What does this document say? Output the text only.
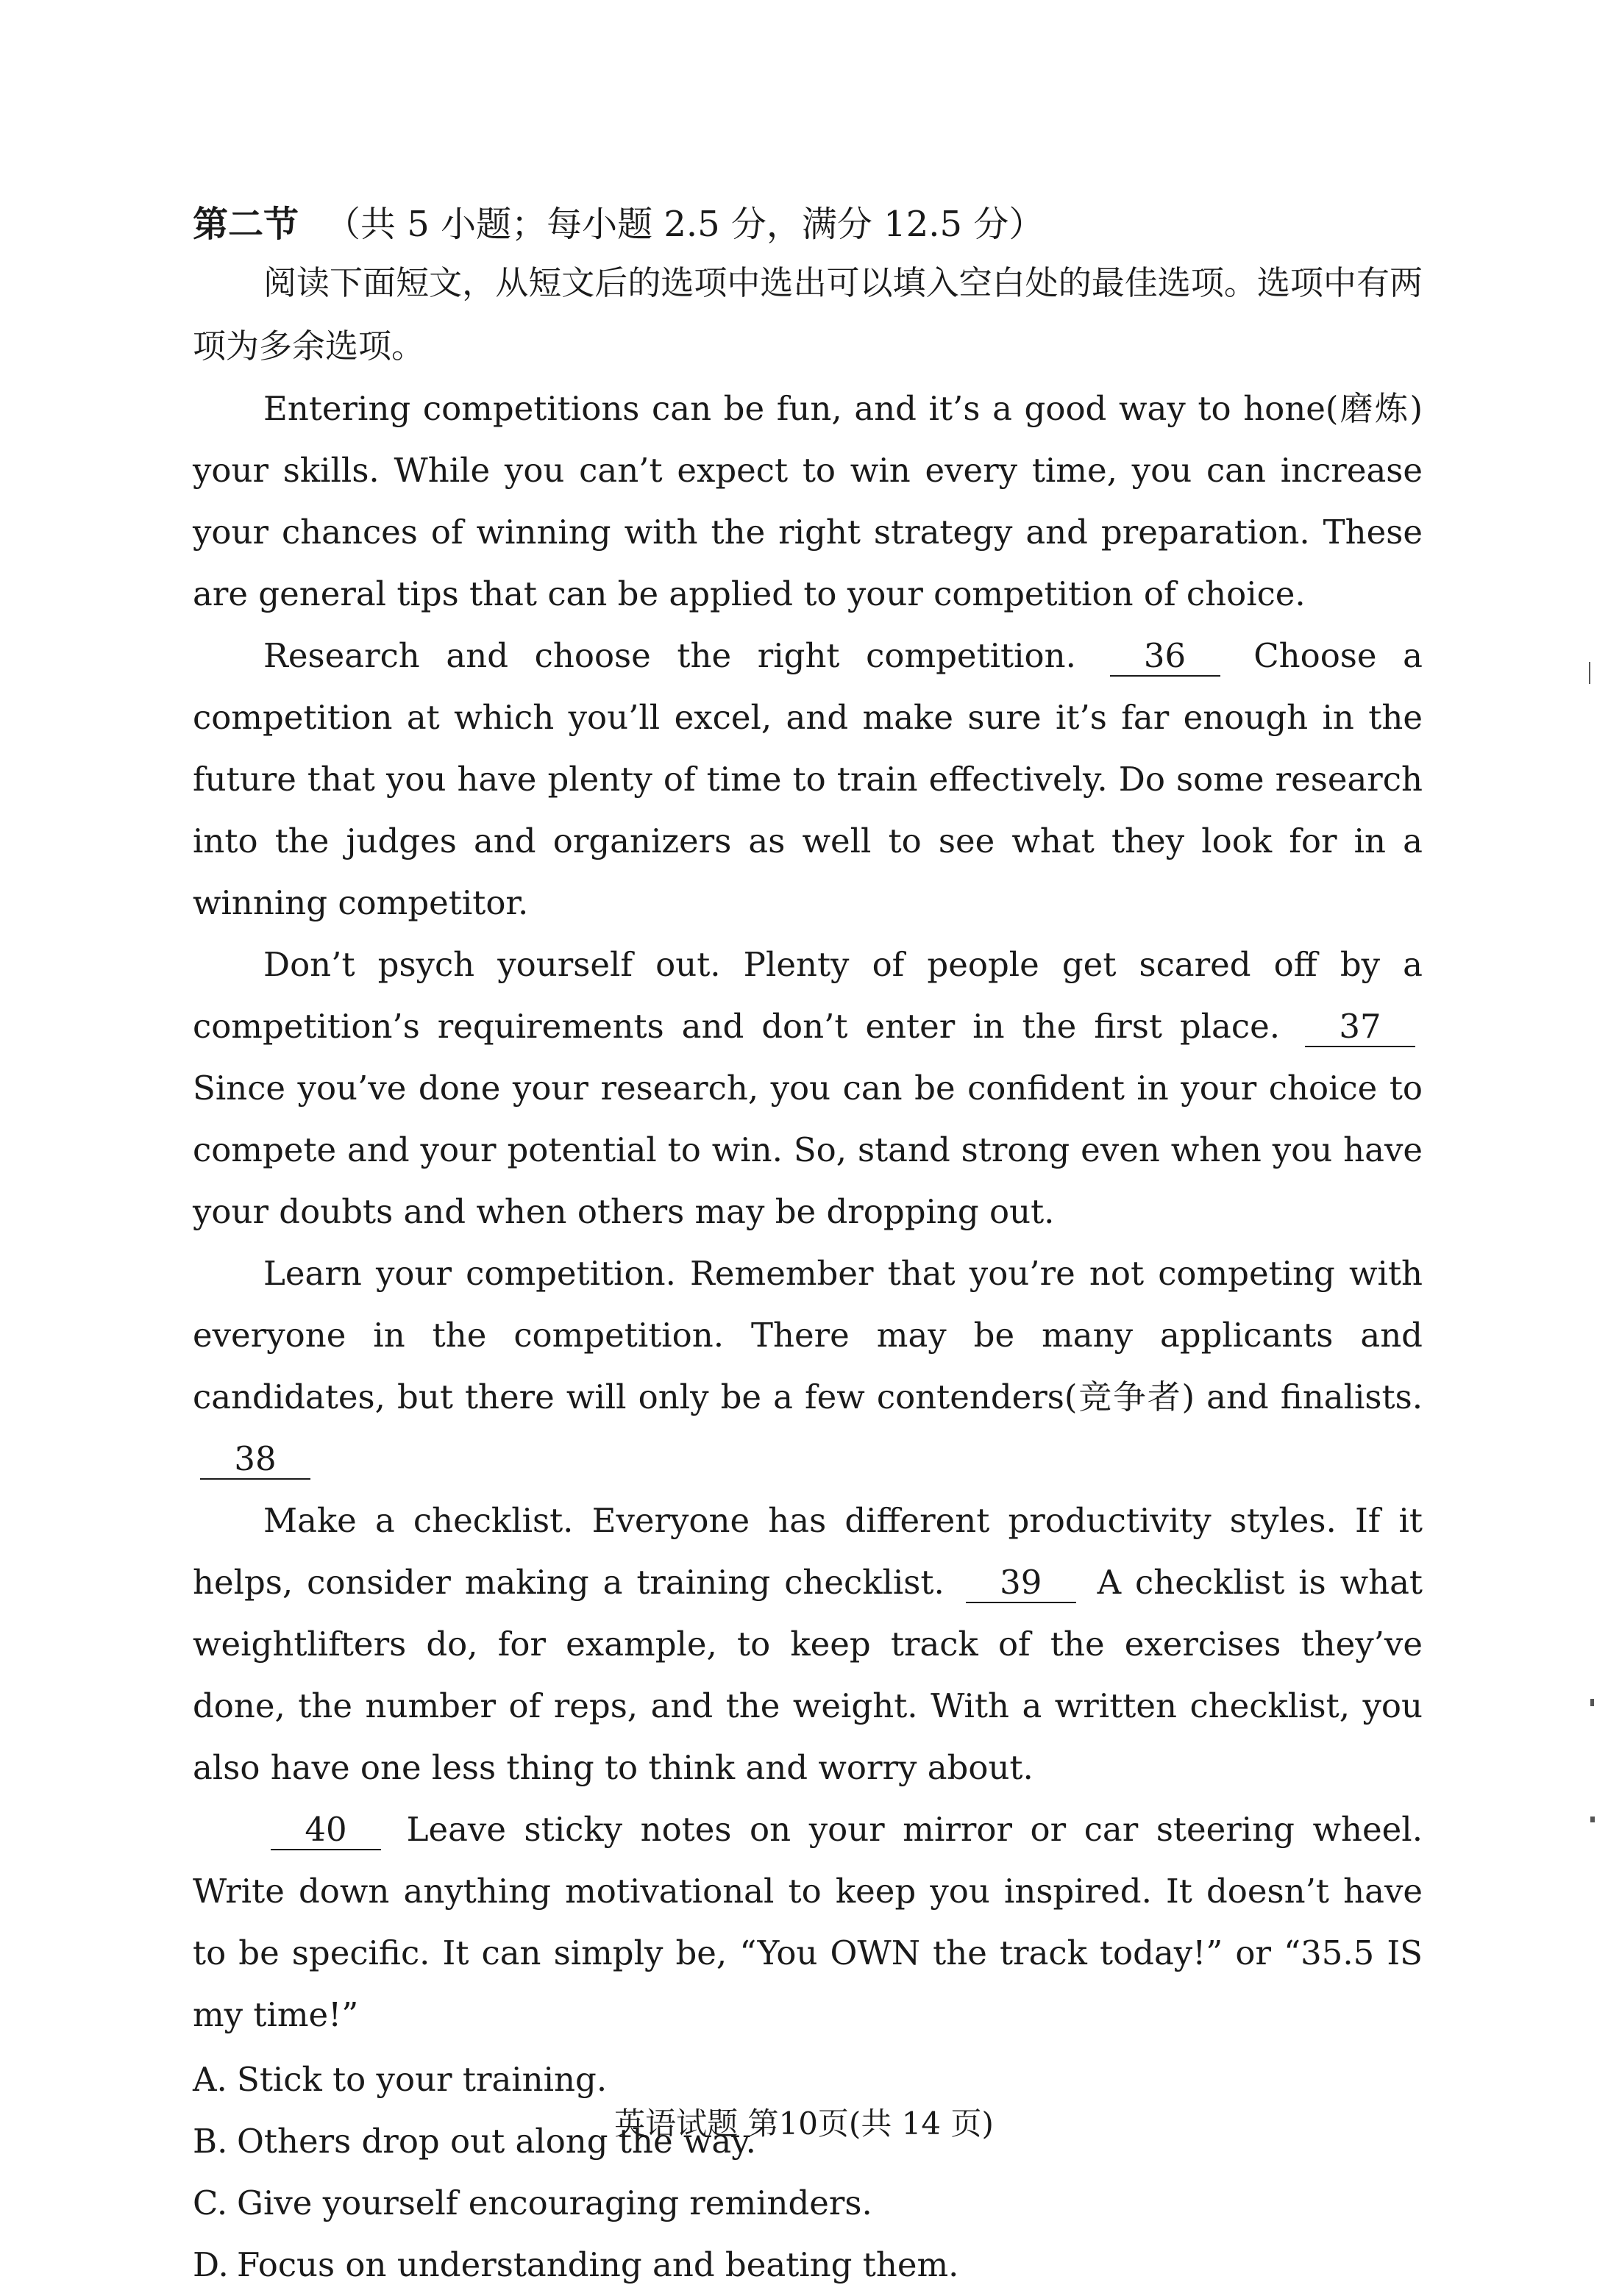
第二节 （共 5 小题；每小题 2.5 分，满分 12.5 分）

阅读下面短文，从短文后的选项中选出可以填入空白处的最佳选项。选项中有两项为多余选项。

Entering competitions can be fun, and it’s a good way to hone(磨炼) your skills. While you can’t expect to win every time, you can increase your chances of winning with the right strategy and preparation. These are general tips that can be applied to your competition of choice.

Research and choose the right competition. 36 Choose a competition at which you’ll excel, and make sure it’s far enough in the future that you have plenty of time to train effectively. Do some research into the judges and organizers as well to see what they look for in a winning competitor.

Don’t psych yourself out. Plenty of people get scared off by a competition’s requirements and don’t enter in the first place. 37 Since you’ve done your research, you can be confident in your choice to compete and your potential to win. So, stand strong even when you have your doubts and when others may be dropping out.

Learn your competition. Remember that you’re not competing with everyone in the competition. There may be many applicants and candidates, but there will only be a few contenders(竞争者) and finalists. 38

Make a checklist. Everyone has different productivity styles. If it helps, consider making a training checklist. 39 A checklist is what weightlifters do, for example, to keep track of the exercises they’ve done, the number of reps, and the weight. With a written checklist, you also have one less thing to think and worry about.

40 Leave sticky notes on your mirror or car steering wheel. Write down anything motivational to keep you inspired. It doesn’t have to be specific. It can simply be, “You OWN the track today!” or “35.5 IS my time!”

A. Stick to your training.

B. Others drop out along the way.

C. Give yourself encouraging reminders.

D. Focus on understanding and beating them.

英语试题 第10页(共 14 页)
